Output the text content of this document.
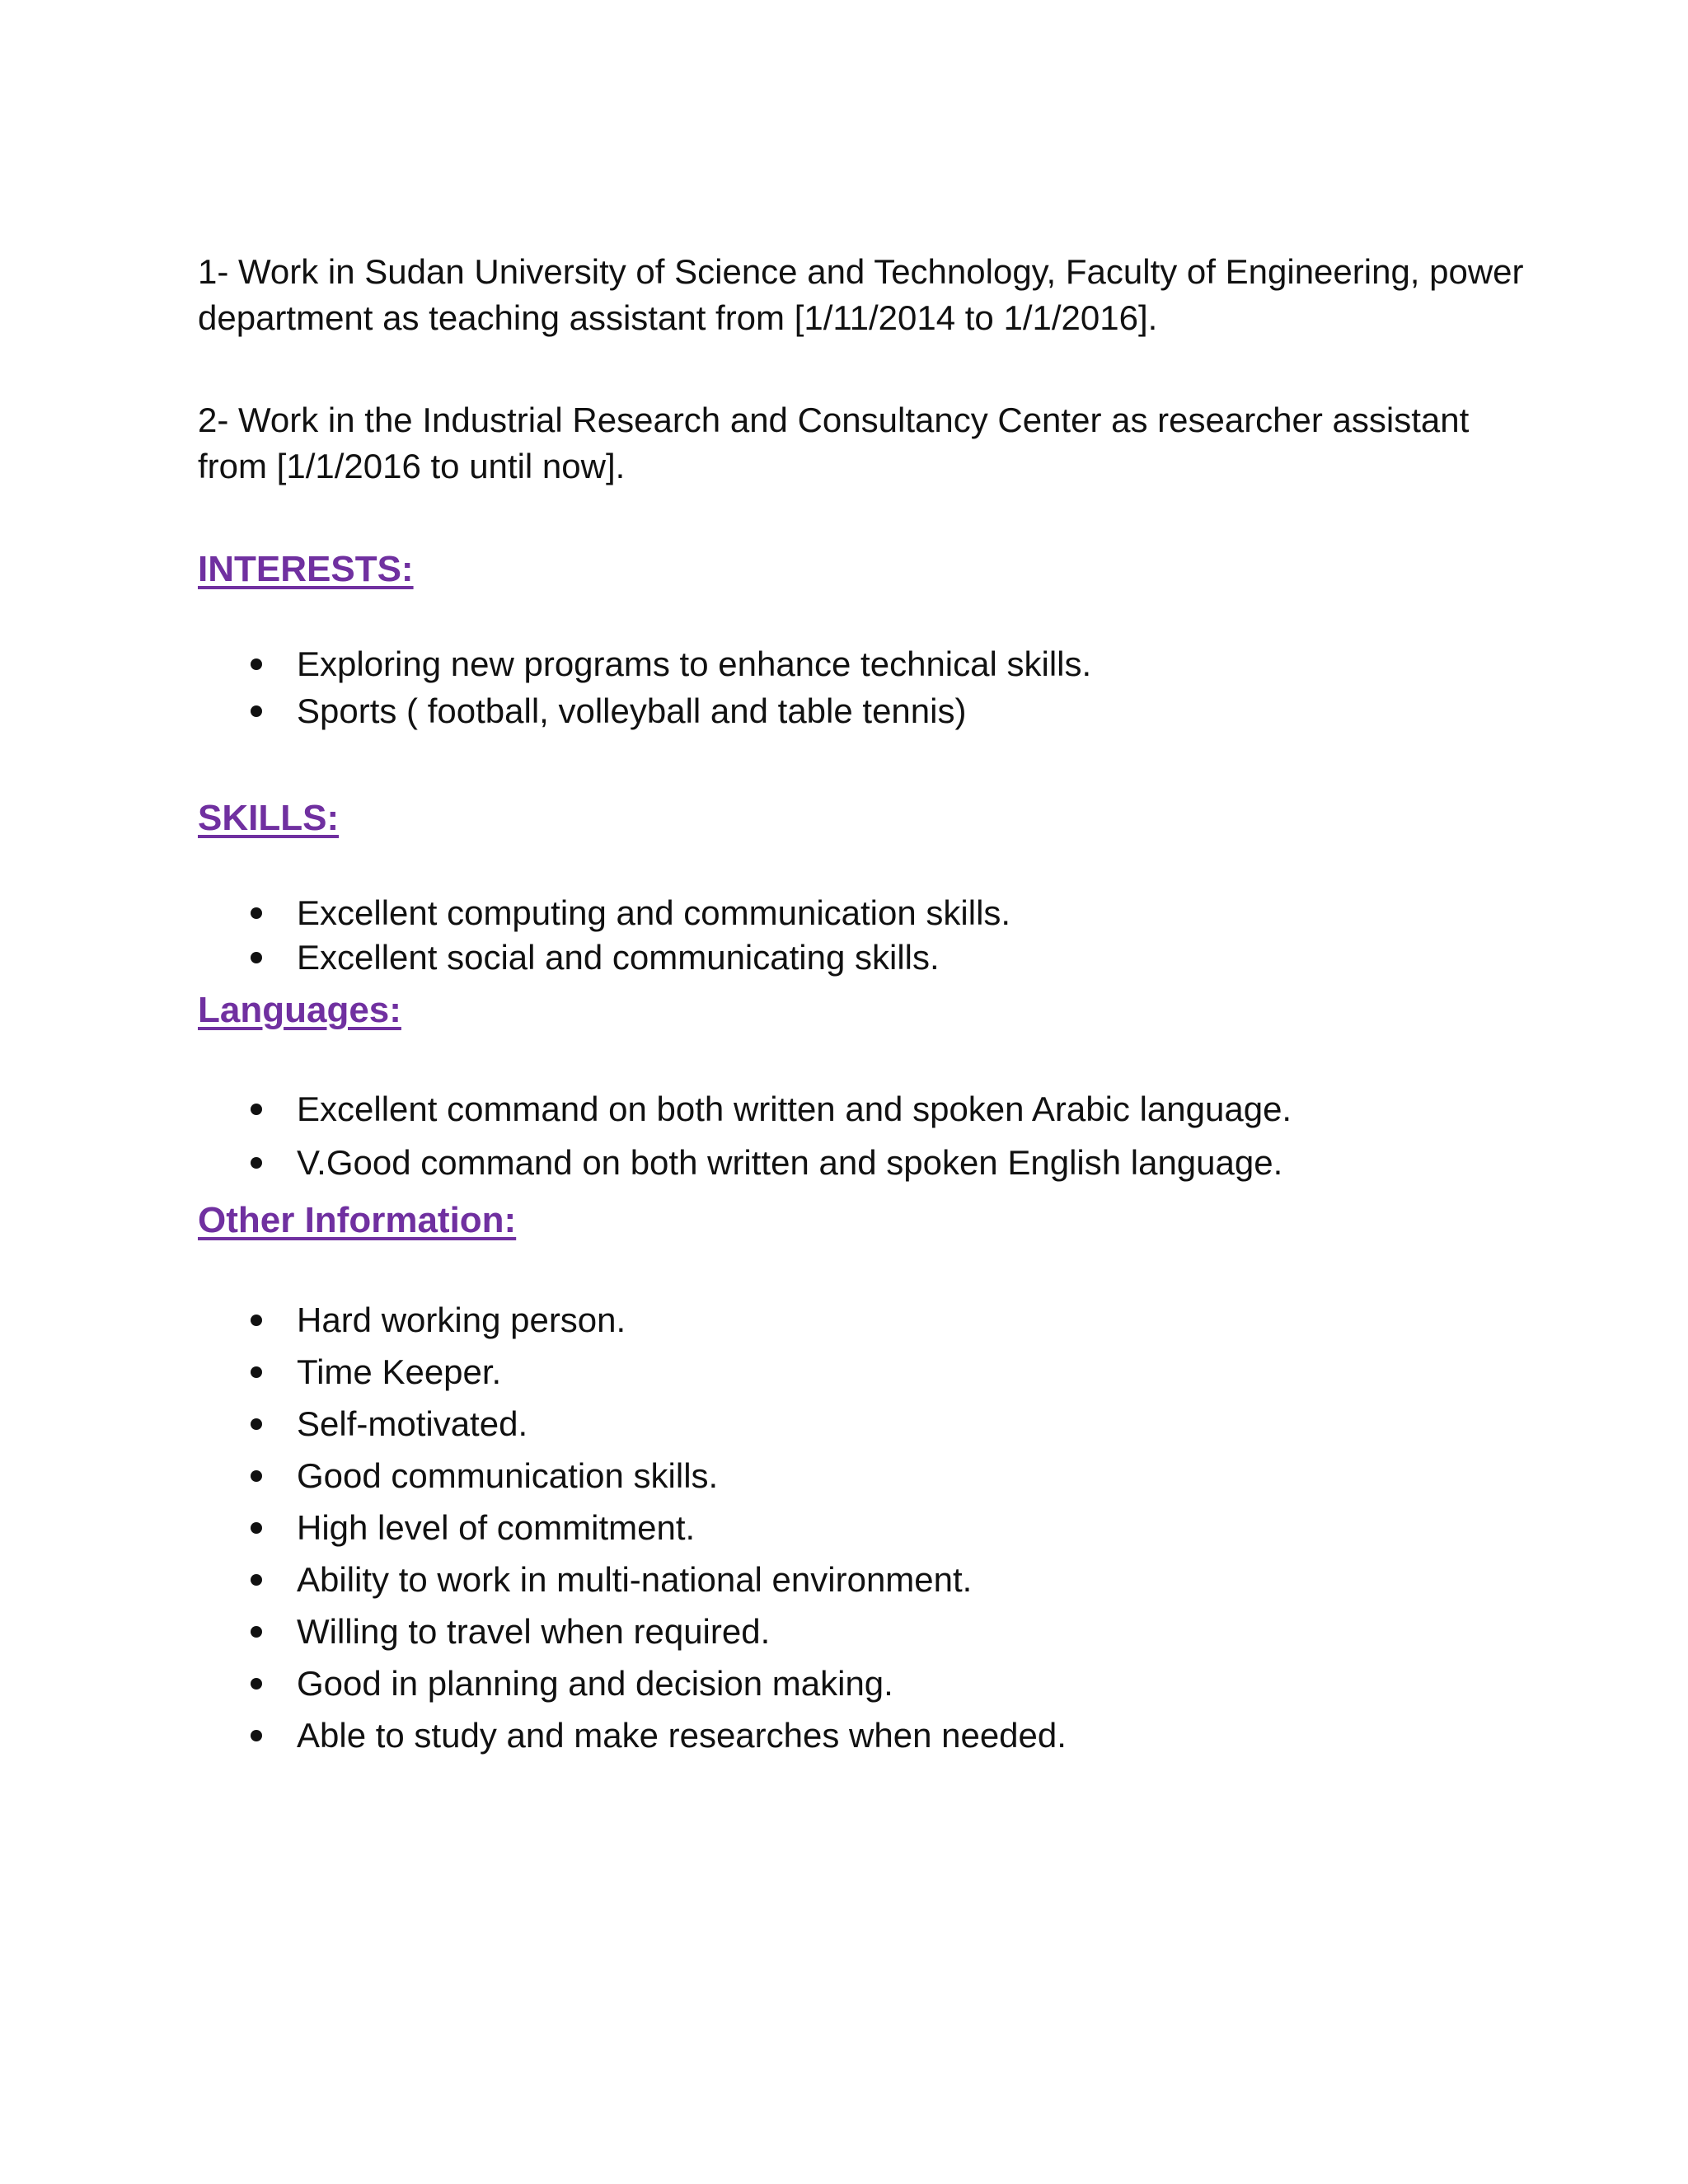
1- Work in Sudan University of Science and Technology, Faculty of Engineering, power department as teaching assistant from [1/11/2014 to 1/1/2016].

2- Work in the Industrial Research and Consultancy Center as researcher assistant from [1/1/2016 to until now].

INTERESTS:
Exploring new programs to enhance technical skills.
Sports ( football, volleyball and table tennis)
SKILLS:
Excellent computing and communication skills.
Excellent social and communicating skills.
Languages:
Excellent command on both written and spoken Arabic language.
V.Good command on both written and spoken English language.
Other Information:
Hard working person.
Time Keeper.
Self-motivated.
Good communication skills.
High level of commitment.
Ability to work in multi-national environment.
Willing to travel when required.
Good in planning and decision making.
Able to study and make researches when needed.
